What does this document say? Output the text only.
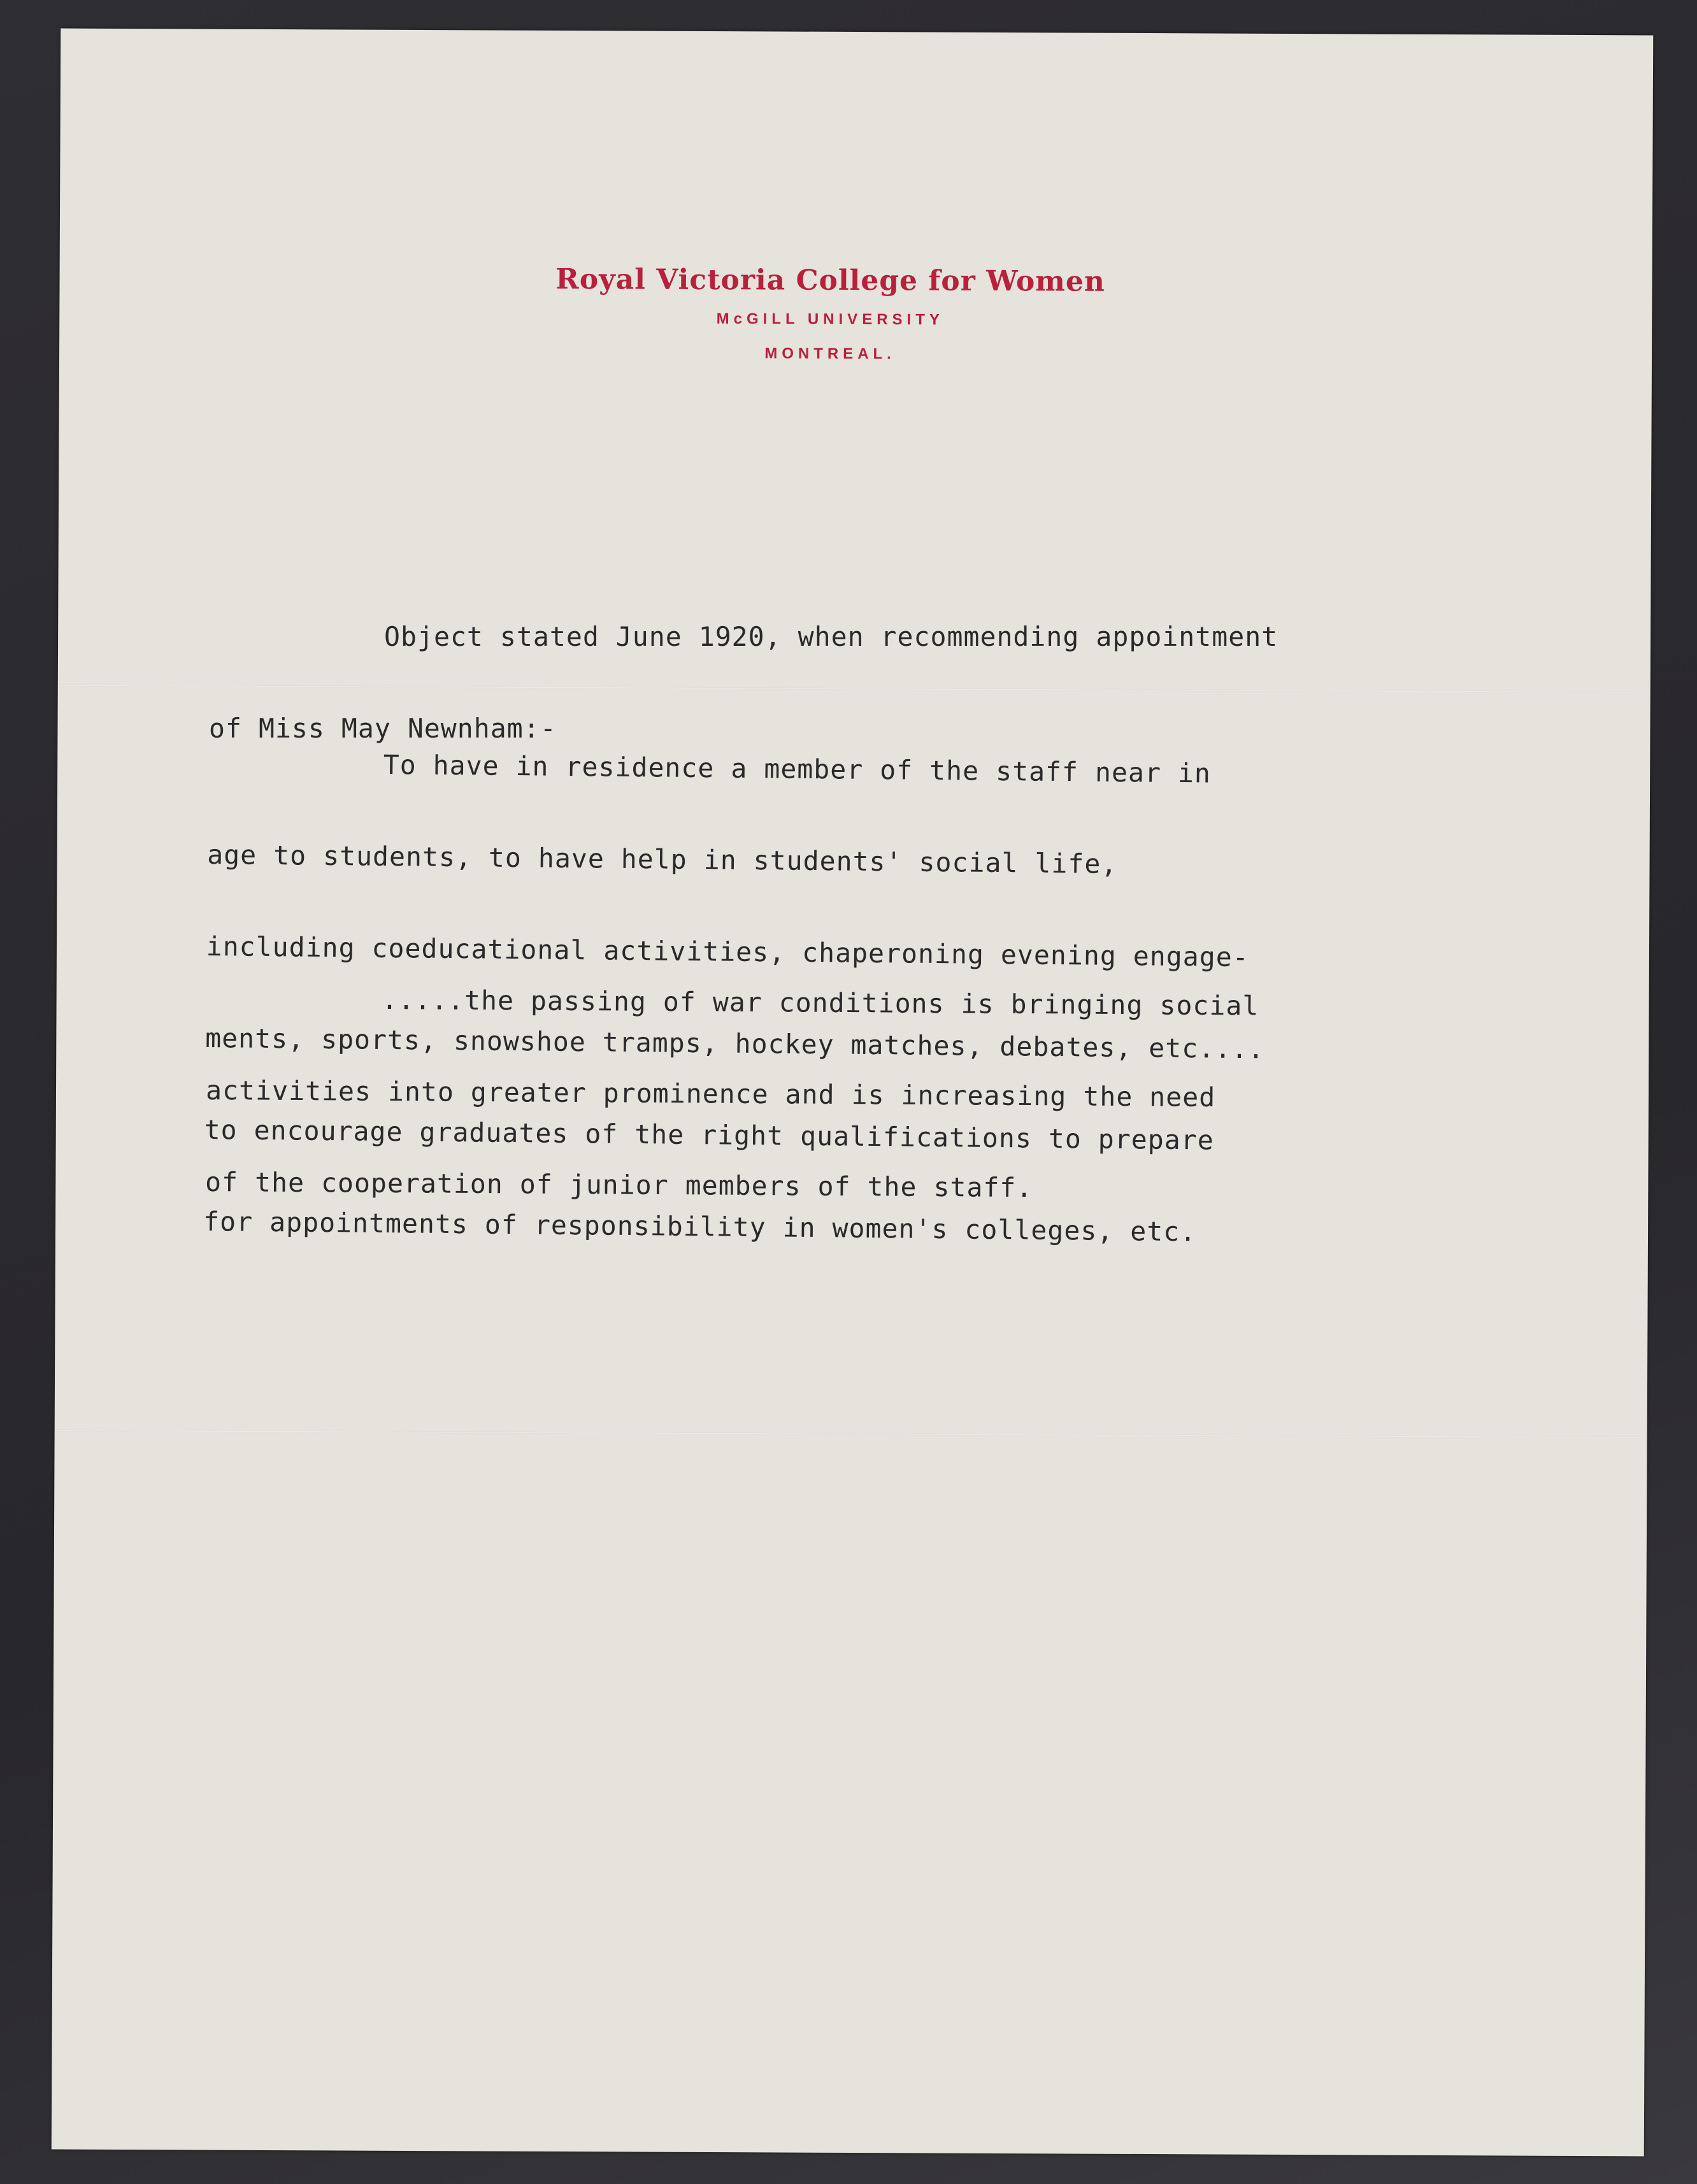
Royal Victoria College for Women
McGILL UNIVERSITY
MONTREAL.

Object stated June 1920, when recommending appointment

of Miss May Newnham:-

To have in residence a member of the staff near in

age to students, to have help in students' social life,

including coeducational activities, chaperoning evening engage-

ments, sports, snowshoe tramps, hockey matches, debates, etc....

to encourage graduates of the right qualifications to prepare

for appointments of responsibility in women's colleges, etc.

.....the passing of war conditions is bringing social

activities into greater prominence and is increasing the need

of the cooperation of junior members of the staff.
